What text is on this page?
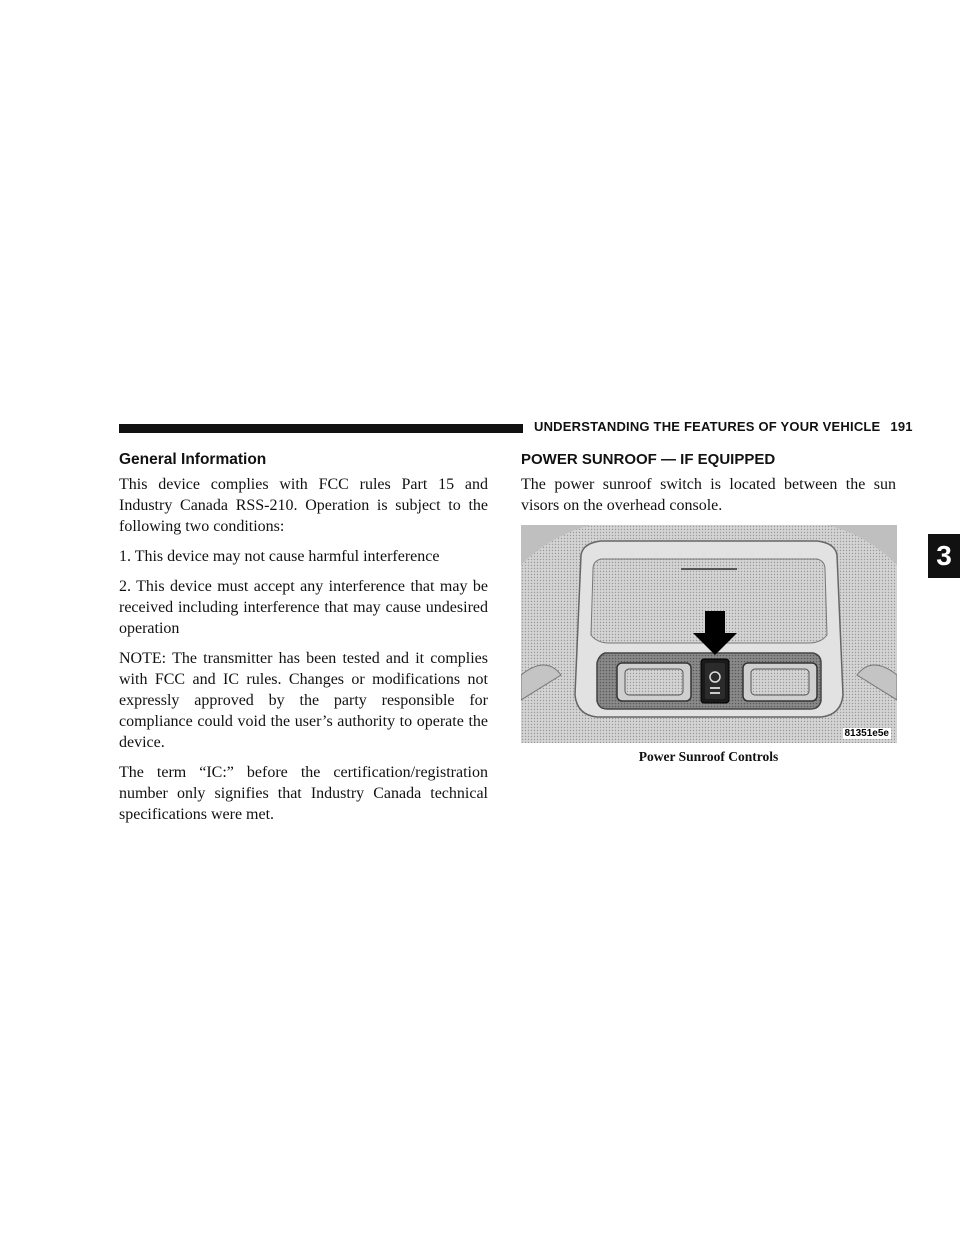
UNDERSTANDING THE FEATURES OF YOUR VEHICLE 191
3
General Information

This device complies with FCC rules Part 15 and Industry Canada RSS-210. Operation is subject to the following two conditions:

1. This device may not cause harmful interference

2. This device must accept any interference that may be received including interference that may cause undesired operation

NOTE: The transmitter has been tested and it complies with FCC and IC rules. Changes or modifications not expressly approved by the party responsible for compliance could void the user’s authority to operate the device.

The term “IC:” before the certification/registration number only signifies that Industry Canada technical specifications were met.

POWER SUNROOF — IF EQUIPPED

The power sunroof switch is located between the sun visors on the overhead console.

81351e5e
Power Sunroof Controls
